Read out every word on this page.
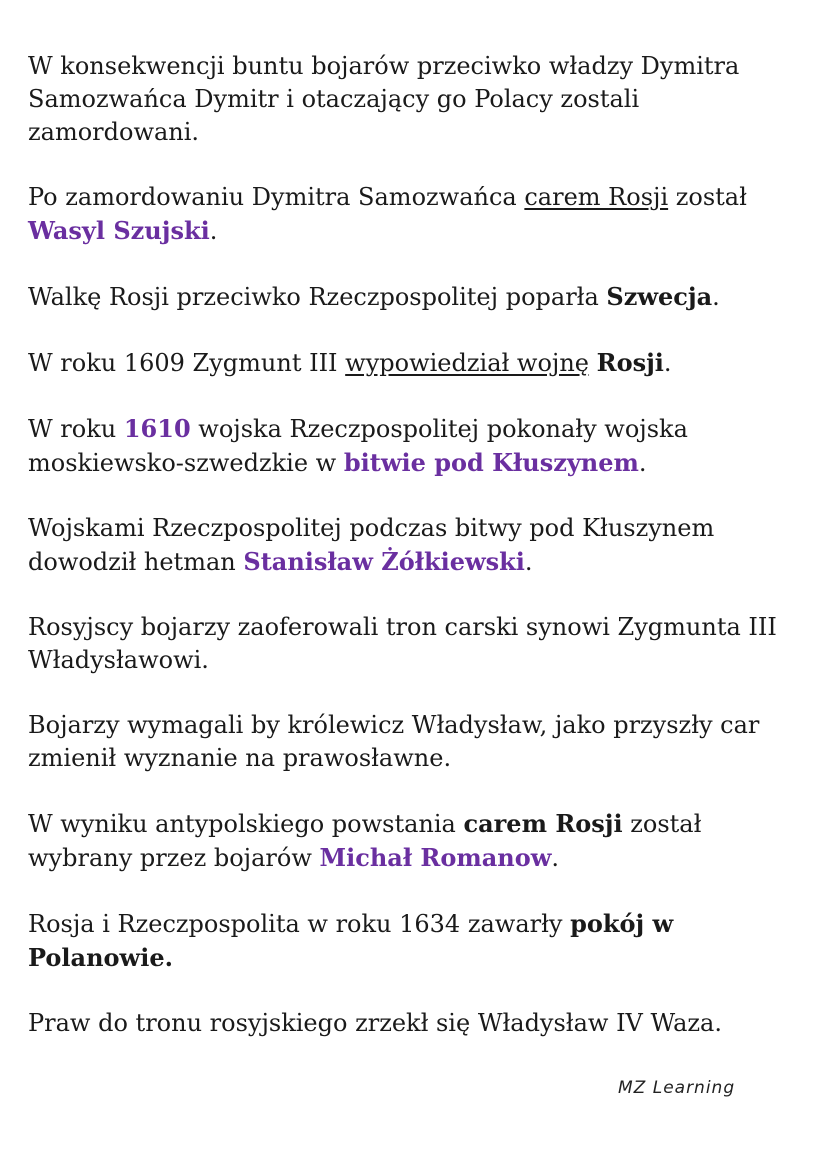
W konsekwencji buntu bojarów przeciwko władzy Dymitra Samozwańca Dymitr i otaczający go Polacy zostali zamordowani.

Po zamordowaniu Dymitra Samozwańca carem Rosji został Wasyl Szujski.

Walkę Rosji przeciwko Rzeczpospolitej poparła Szwecja.

W roku 1609 Zygmunt III wypowiedział wojnę Rosji.

W roku 1610 wojska Rzeczpospolitej pokonały wojska moskiewsko-szwedzkie w bitwie pod Kłuszynem.

Wojskami Rzeczpospolitej podczas bitwy pod Kłuszynem dowodził hetman Stanisław Żółkiewski.

Rosyjscy bojarzy zaoferowali tron carski synowi Zygmunta III Władysławowi.

Bojarzy wymagali by królewicz Władysław, jako przyszły car zmienił wyznanie na prawosławne.

W wyniku antypolskiego powstania carem Rosji został wybrany przez bojarów Michał Romanow.

Rosja i Rzeczpospolita w roku 1634 zawarły pokój w Polanowie.

Praw do tronu rosyjskiego zrzekł się Władysław IV Waza.

MZ Learning
